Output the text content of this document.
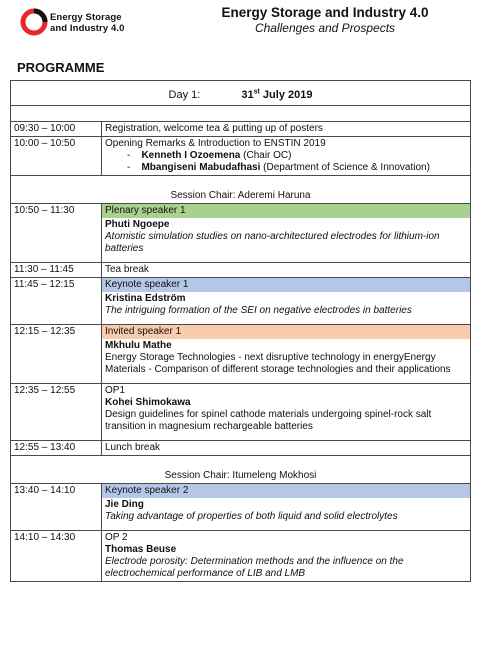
Energy Storage
and Industry 4.0
Energy Storage and Industry 4.0
Challenges and Prospects
PROGRAMME
Day 1: 31st July 2019	

09:30 – 10:00	Registration, welcome tea & putting up of posters
10:00 – 10:50	Opening Remarks & Introduction to ENSTIN 2019
-    Kenneth I Ozoemena (Chair OC)
-    Mbangiseni Mabudafhasi (Department of Science & Innovation)

Session Chair: Aderemi Haruna	
10:50 – 11:30	Plenary speaker 1
Phuti Ngoepe
Atomistic simulation studies on nano-architectured electrodes for lithium-ion batteries

11:30 – 11:45	Tea break
11:45 – 12:15	Keynote speaker 1
Kristina Edström
The intriguing formation of the SEI on negative electrodes in batteries

12:15 – 12:35	Invited speaker 1
Mkhulu Mathe
Energy Storage Technologies - next disruptive technology in energyEnergy Materials - Comparison of different storage technologies and their applications

12:35 – 12:55	OP1
Kohei Shimokawa
Design guidelines for spinel cathode materials undergoing spinel-rock salt transition in magnesium rechargeable batteries

12:55 – 13:40	Lunch break
Session Chair: Itumeleng Mokhosi	
13:40 – 14:10	Keynote speaker 2
Jie Ding
Taking advantage of properties of both liquid and solid electrolytes

14:10 – 14:30	OP 2
Thomas Beuse
Electrode porosity: Determination methods and the influence on the electrochemical performance of LIB and LMB
